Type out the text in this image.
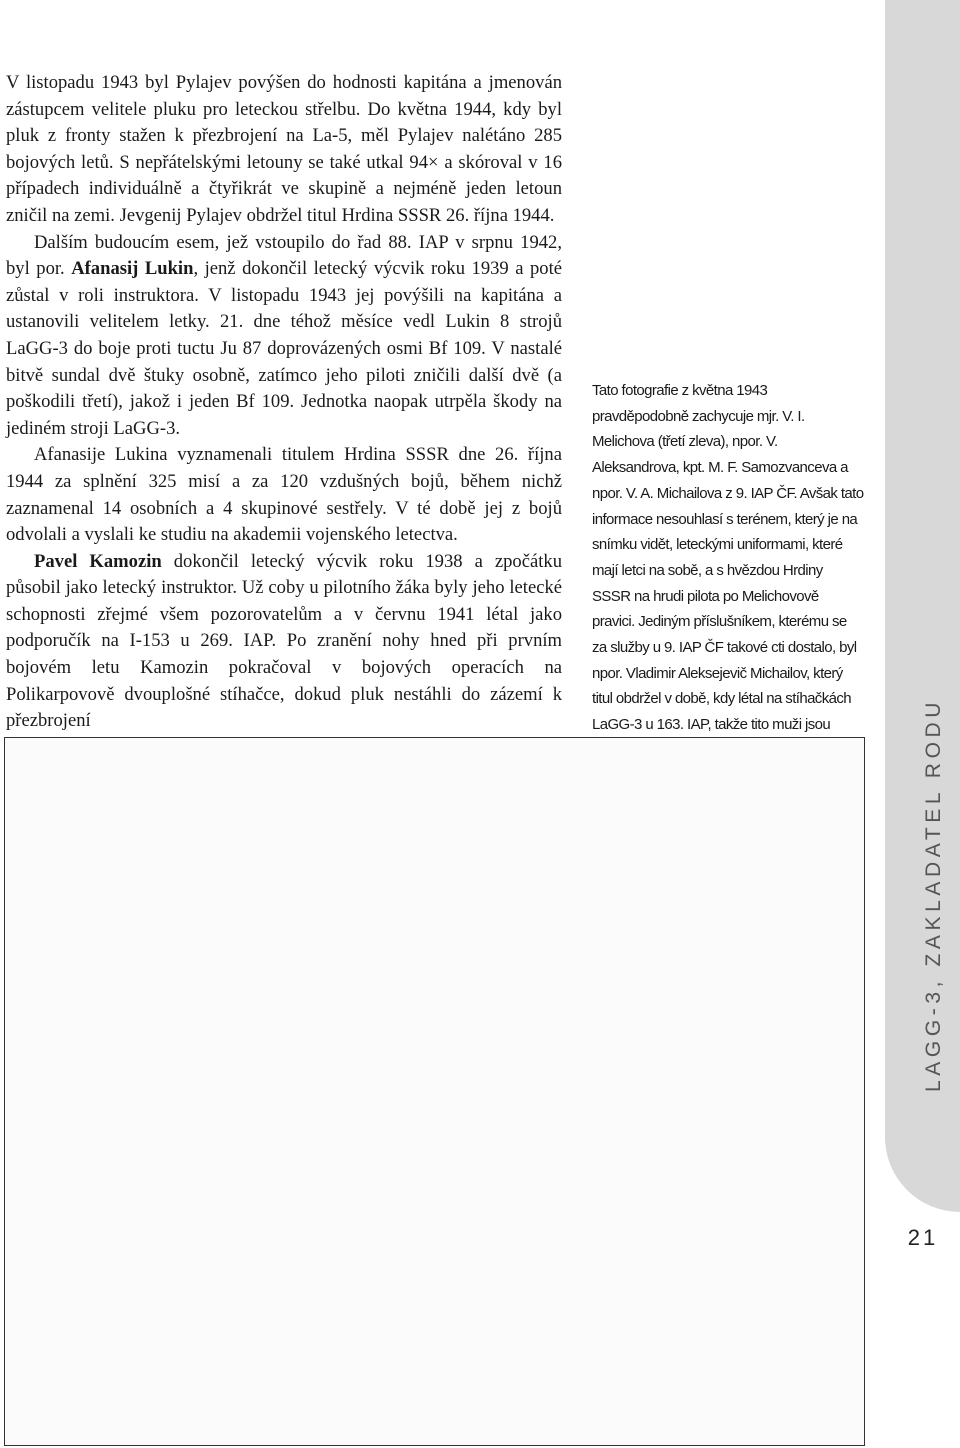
V listopadu 1943 byl Pylajev povýšen do hodnosti kapitána a jmenován zástupcem velitele pluku pro leteckou střelbu. Do května 1944, kdy byl pluk z fronty stažen k přezbrojení na La-5, měl Pylajev nalétáno 285 bojových letů. S nepřátelskými letouny se také utkal 94× a skóroval v 16 případech individuálně a čtyřikrát ve skupině a nejméně jeden letoun zničil na zemi. Jevgenij Pylajev obdržel titul Hrdina SSSR 26. října 1944.

Dalším budoucím esem, jež vstoupilo do řad 88. IAP v srpnu 1942, byl por. Afanasij Lukin, jenž dokončil letecký výcvik roku 1939 a poté zůstal v roli instruktora. V listopadu 1943 jej povýšili na kapitána a ustanovili velitelem letky. 21. dne téhož měsíce vedl Lukin 8 strojů LaGG-3 do boje proti tuctu Ju 87 doprovázených osmi Bf 109. V nastalé bitvě sundal dvě štuky osobně, zatímco jeho piloti zničili další dvě (a poškodili třetí), jakož i jeden Bf 109. Jednotka naopak utrpěla škody na jediném stroji LaGG-3.

Afanasije Lukina vyznamenali titulem Hrdina SSSR dne 26. října 1944 za splnění 325 misí a za 120 vzdušných bojů, během nichž zaznamenal 14 osobních a 4 skupinové sestřely. V té době jej z bojů odvolali a vyslali ke studiu na akademii vojenského letectva.

Pavel Kamozin dokončil letecký výcvik roku 1938 a zpočátku působil jako letecký instruktor. Už coby u pilotního žáka byly jeho letecké schopnosti zřejmé všem pozorovatelům a v červnu 1941 létal jako podporučík na I-153 u 269. IAP. Po zranění nohy hned při prvním bojovém letu Kamozin pokračoval v bojových operacích na Polikarpovově dvouplošné stíhačce, dokud pluk nestáhli do zázemí k přezbrojení

Tato fotografie z května 1943 pravděpodobně zachycuje mjr. V. I. Melichova (třetí zleva), npor. V. Aleksandrova, kpt. M. F. Samozvanceva a npor. V. A. Michailova z 9. IAP ČF. Avšak tato informace nesouhlasí s terénem, který je na snímku vidět, leteckými uniformami, které mají letci na sobě, a s hvězdou Hrdiny SSSR na hrudi pilota po Melichovově pravici. Jediným příslušníkem, kterému se za služby u 9. IAP ČF takové cti dostalo, byl npor. Vladimir Aleksejevič Michailov, který titul obdržel v době, kdy létal na stíhačkách LaGG-3 u 163. IAP, takže tito muži jsou	LAGG-3, ZAKLADATEL RODU
21
